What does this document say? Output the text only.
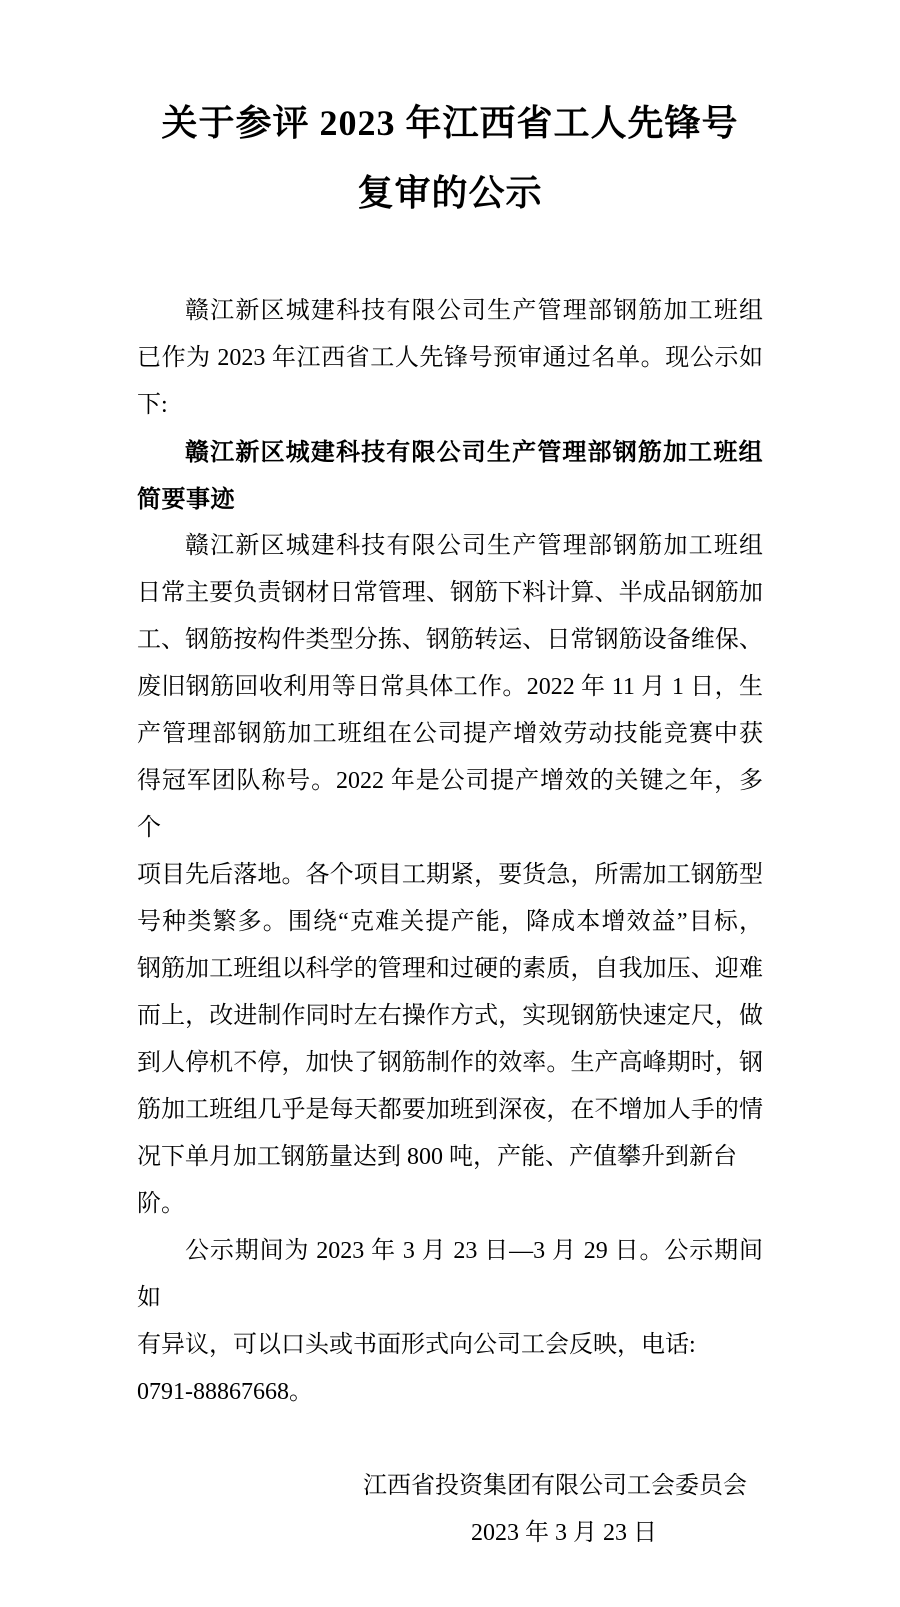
关于参评 2023 年江西省工人先锋号
复审的公示
赣江新区城建科技有限公司生产管理部钢筋加工班组
已作为 2023 年江西省工人先锋号预审通过名单。现公示如
下:
赣江新区城建科技有限公司生产管理部钢筋加工班组
简要事迹
赣江新区城建科技有限公司生产管理部钢筋加工班组
日常主要负责钢材日常管理、钢筋下料计算、半成品钢筋加
工、钢筋按构件类型分拣、钢筋转运、日常钢筋设备维保、
废旧钢筋回收利用等日常具体工作。2022 年 11 月 1 日，生
产管理部钢筋加工班组在公司提产增效劳动技能竞赛中获
得冠军团队称号。2022 年是公司提产增效的关键之年，多个
项目先后落地。各个项目工期紧，要货急，所需加工钢筋型
号种类繁多。围绕“克难关提产能，降成本增效益”目标，
钢筋加工班组以科学的管理和过硬的素质，自我加压、迎难
而上，改进制作同时左右操作方式，实现钢筋快速定尺，做
到人停机不停，加快了钢筋制作的效率。生产高峰期时，钢
筋加工班组几乎是每天都要加班到深夜，在不增加人手的情
况下单月加工钢筋量达到 800 吨，产能、产值攀升到新台阶。
公示期间为 2023 年 3 月 23 日—3 月 29 日。公示期间如
有异议，可以口头或书面形式向公司工会反映，电话:
0791-88867668。
江西省投资集团有限公司工会委员会
2023 年 3 月 23 日
